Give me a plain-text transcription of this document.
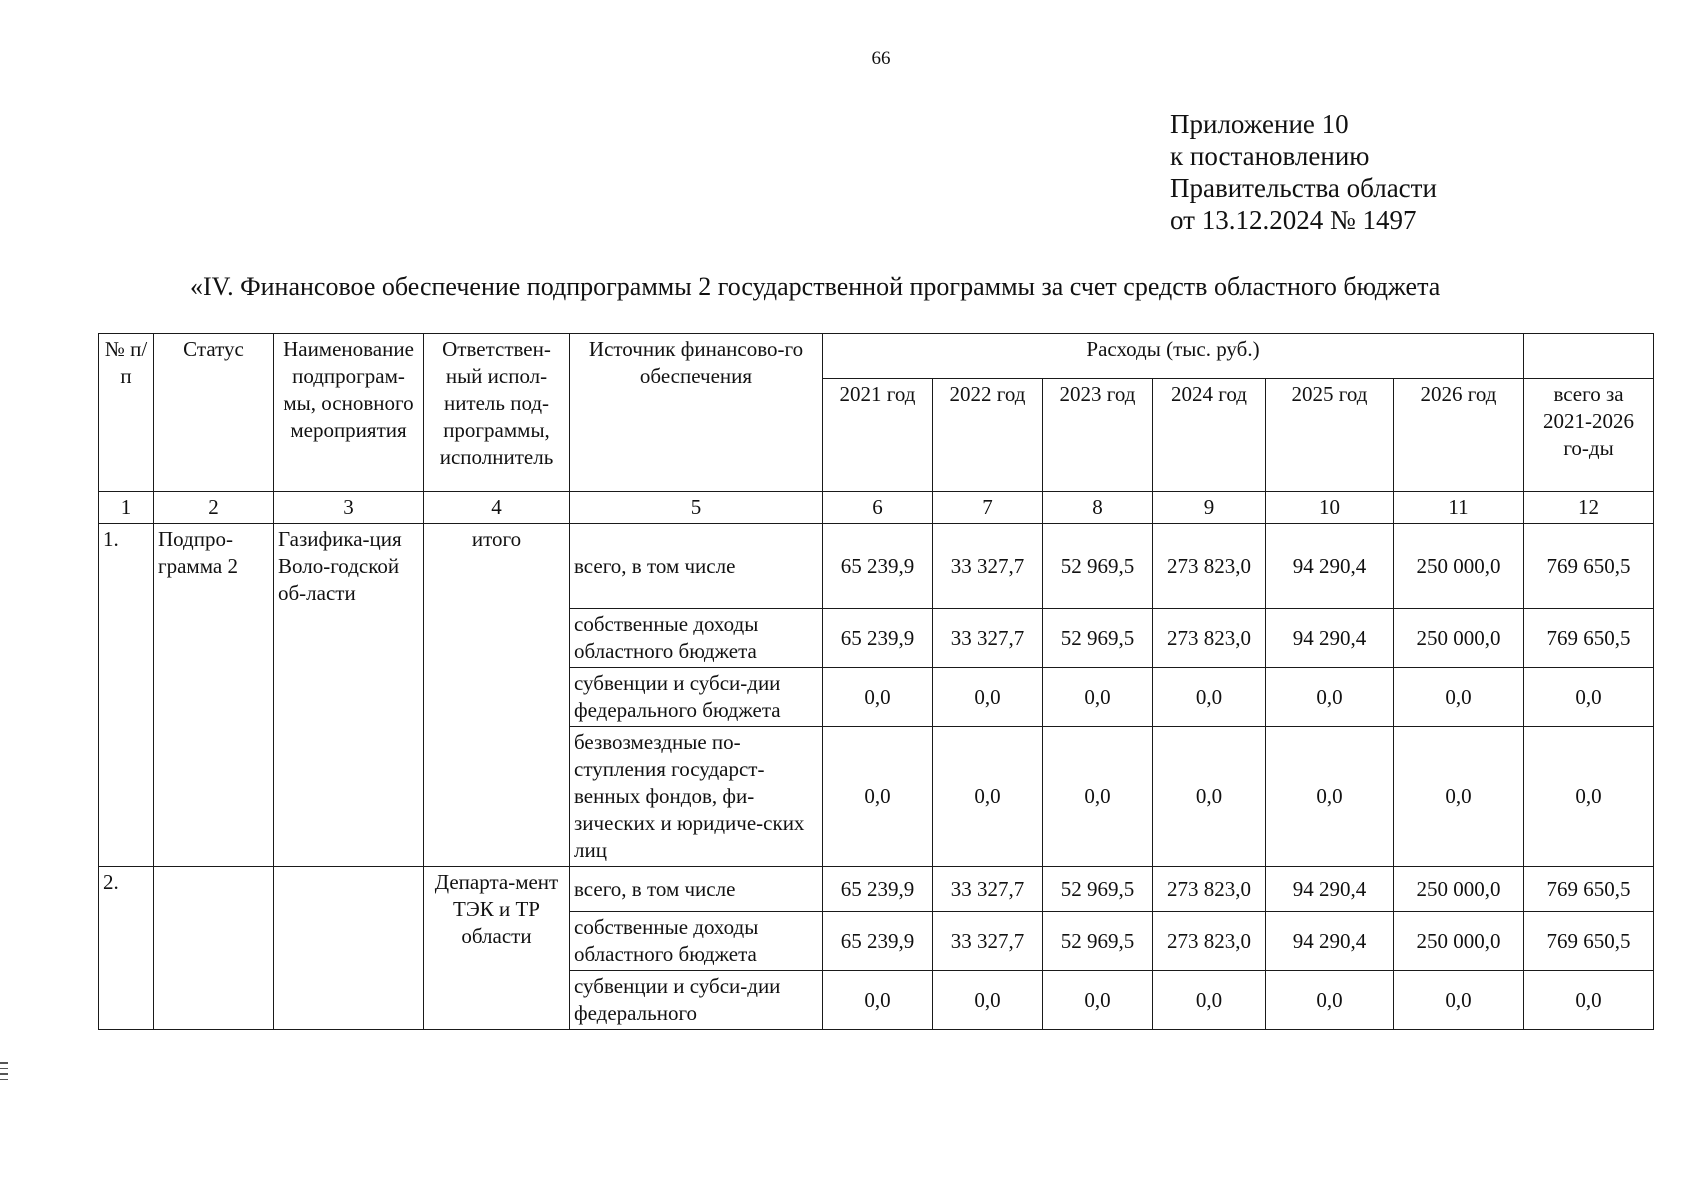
66
Приложение 10
к постановлению
Правительства области
от 13.12.2024 № 1497
«IV. Финансовое обеспечение подпрограммы 2 государственной программы за счет средств областного бюджета
№ п/п	Статус	Наименование подпрограм-мы, основного мероприятия	Ответствен-ный испол-нитель под-программы, исполнитель	Источник финансово-го обеспечения	Расходы (тыс. руб.)						
					2021 год	2022 год	2023 год	2024 год	2025 год	2026 год	всего за 2021-2026 го-ды
1	2	3	4	5	6	7	8	9	10	11	12
1.	Подпро-грамма 2	Газифика-ция Воло-годской об-ласти	итого	всего, в том числе	65 239,9	33 327,7	52 969,5	273 823,0	94 290,4	250 000,0	769 650,5
				собственные доходы областного бюджета	65 239,9	33 327,7	52 969,5	273 823,0	94 290,4	250 000,0	769 650,5
				субвенции и субси-дии федерального бюджета	0,0	0,0	0,0	0,0	0,0	0,0	0,0
				безвозмездные по-ступления государст-венных фондов, фи-зических и юридиче-ских лиц	0,0	0,0	0,0	0,0	0,0	0,0	0,0
2.			Департа-мент ТЭК и ТР области	всего, в том числе	65 239,9	33 327,7	52 969,5	273 823,0	94 290,4	250 000,0	769 650,5
				собственные доходы областного бюджета	65 239,9	33 327,7	52 969,5	273 823,0	94 290,4	250 000,0	769 650,5
				субвенции и субси-дии федерального	0,0	0,0	0,0	0,0	0,0	0,0	0,0
